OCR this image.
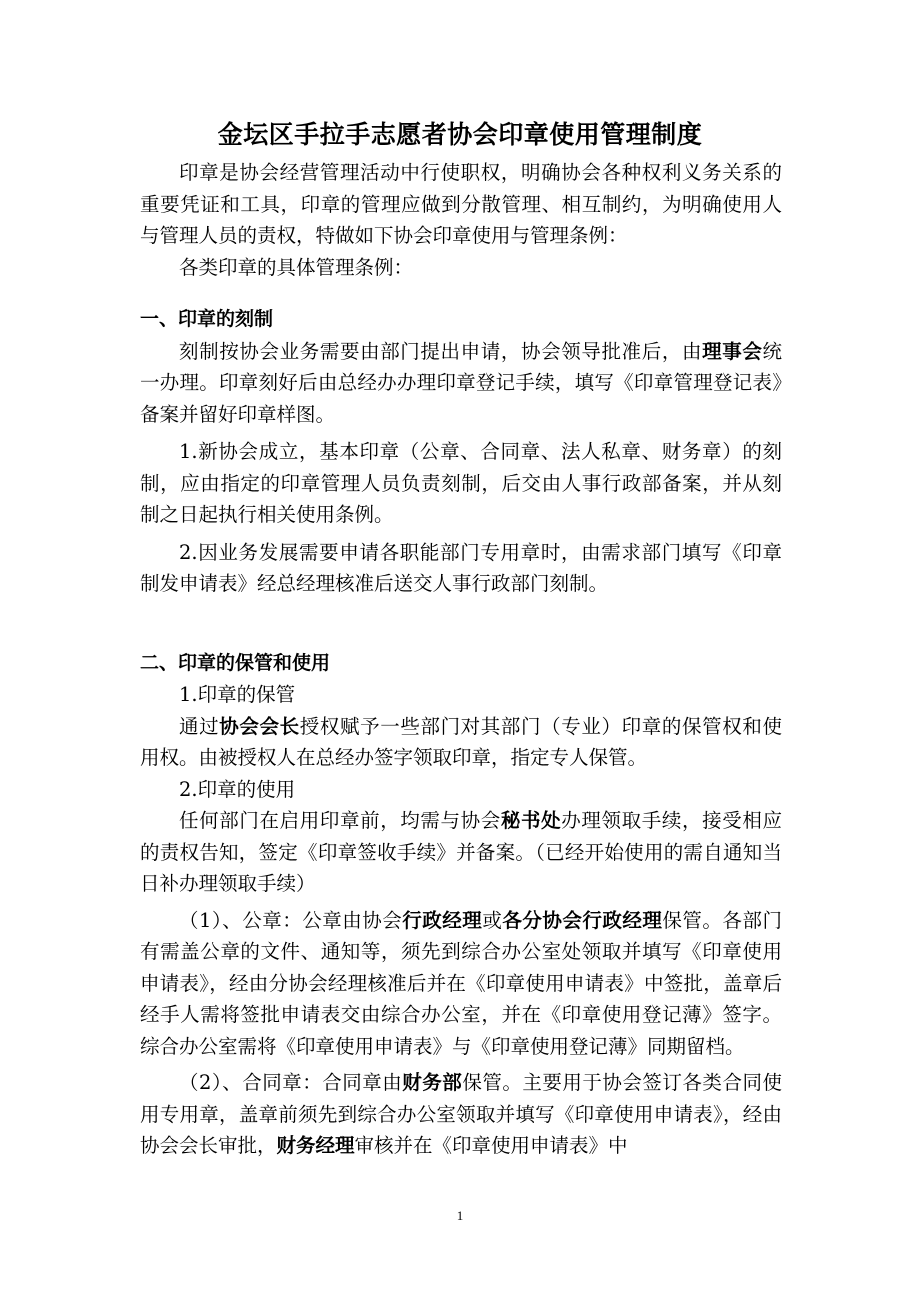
金坛区手拉手志愿者协会印章使用管理制度

印章是协会经营管理活动中行使职权，明确协会各种权利义务关系的重要凭证和工具，印章的管理应做到分散管理、相互制约，为明确使用人与管理人员的责权，特做如下协会印章使用与管理条例：

各类印章的具体管理条例：

一、印章的刻制

刻制按协会业务需要由部门提出申请，协会领导批准后，由理事会统一办理。印章刻好后由总经办办理印章登记手续，填写《印章管理登记表》备案并留好印章样图。

1.新协会成立，基本印章（公章、合同章、法人私章、财务章）的刻制，应由指定的印章管理人员负责刻制，后交由人事行政部备案，并从刻制之日起执行相关使用条例。

2.因业务发展需要申请各职能部门专用章时，由需求部门填写《印章制发申请表》经总经理核准后送交人事行政部门刻制。

二、印章的保管和使用

1.印章的保管

通过协会会长授权赋予一些部门对其部门（专业）印章的保管权和使用权。由被授权人在总经办签字领取印章，指定专人保管。

2.印章的使用

任何部门在启用印章前，均需与协会秘书处办理领取手续，接受相应的责权告知，签定《印章签收手续》并备案。（已经开始使用的需自通知当日补办理领取手续）

（1）、公章：公章由协会行政经理或各分协会行政经理保管。各部门有需盖公章的文件、通知等，须先到综合办公室处领取并填写《印章使用申请表》，经由分协会经理核准后并在《印章使用申请表》中签批，盖章后经手人需将签批申请表交由综合办公室，并在《印章使用登记薄》签字。综合办公室需将《印章使用申请表》与《印章使用登记薄》同期留档。

（2）、合同章：合同章由财务部保管。主要用于协会签订各类合同使用专用章，盖章前须先到综合办公室领取并填写《印章使用申请表》，经由协会会长审批，财务经理审核并在《印章使用申请表》中

1
